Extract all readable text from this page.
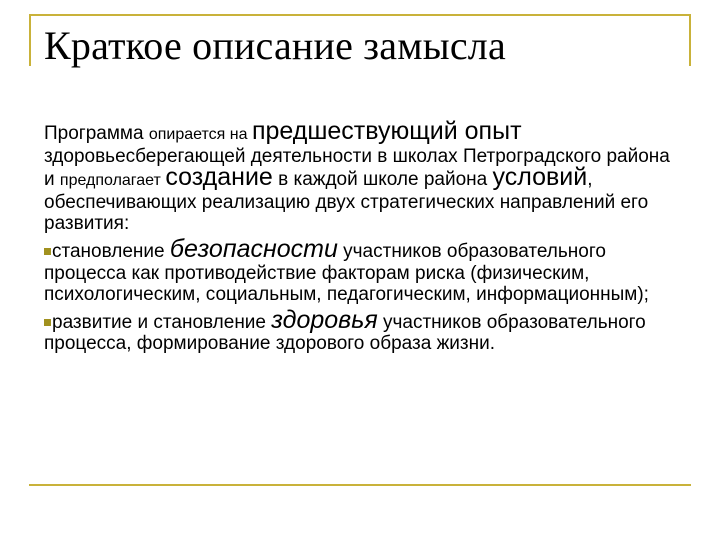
Краткое описание замысла

Программа опирается на предшествующий опыт здоровьесберегающей деятельности в школах Петроградского района и предполагает создание в каждой школе района условий, обеспечивающих реализацию двух стратегических направлений его развития:

становление безопасности участников образовательного процесса как противодействие факторам риска (физическим, психологическим, социальным, педагогическим, информационным);

развитие и становление здоровья участников образовательного процесса, формирование здорового образа жизни.
